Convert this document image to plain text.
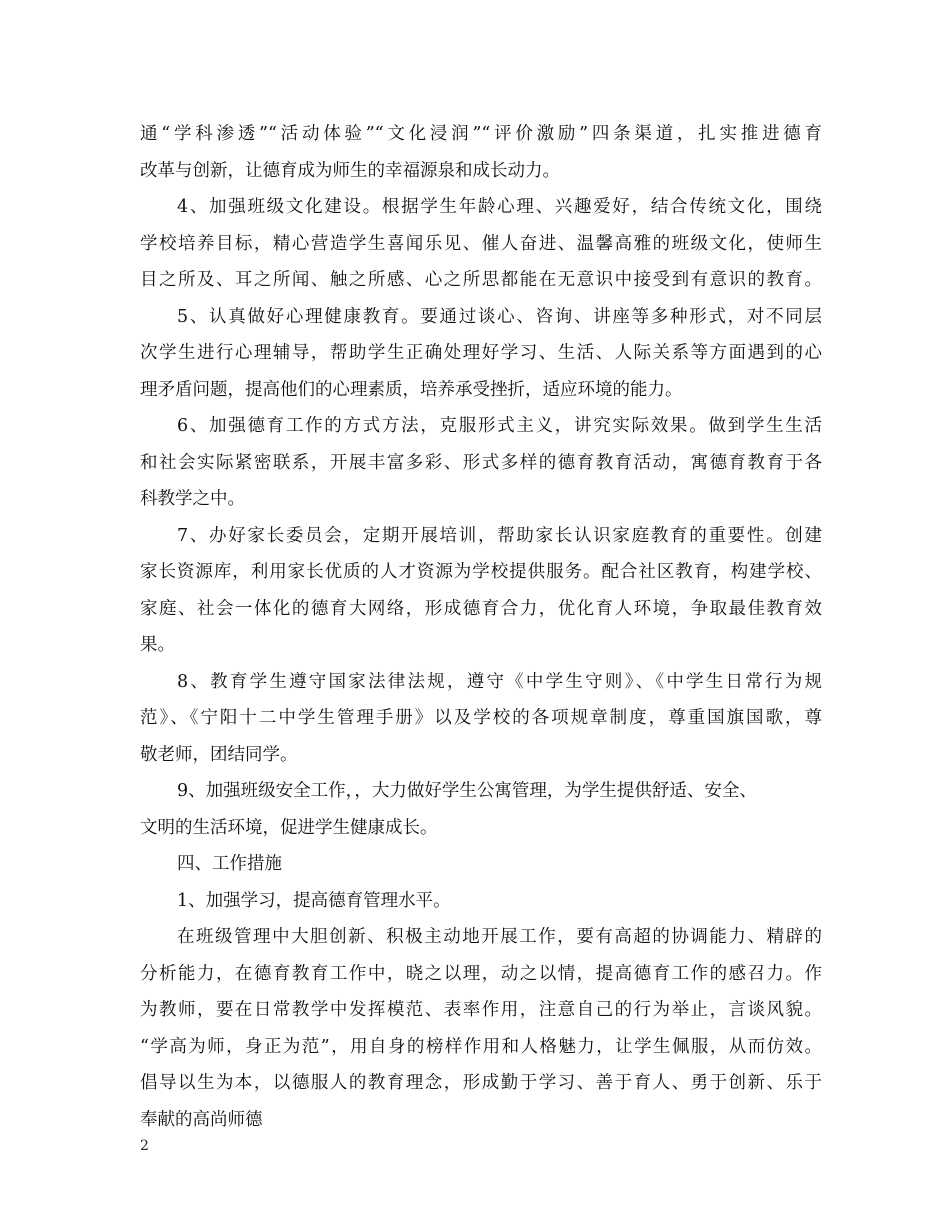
通“学科渗透”“活动体验”“文化浸润”“评价激励”四条渠道，扎实推进德育
改革与创新，让德育成为师生的幸福源泉和成长动力。
4、加强班级文化建设。根据学生年龄心理、兴趣爱好，结合传统文化，围绕
学校培养目标，精心营造学生喜闻乐见、催人奋进、温馨高雅的班级文化，使师生
目之所及、耳之所闻、触之所感、心之所思都能在无意识中接受到有意识的教育。
5、认真做好心理健康教育。要通过谈心、咨询、讲座等多种形式，对不同层
次学生进行心理辅导，帮助学生正确处理好学习、生活、人际关系等方面遇到的心
理矛盾问题，提高他们的心理素质，培养承受挫折，适应环境的能力。
6、加强德育工作的方式方法，克服形式主义，讲究实际效果。做到学生生活
和社会实际紧密联系，开展丰富多彩、形式多样的德育教育活动，寓德育教育于各
科教学之中。
7、办好家长委员会，定期开展培训，帮助家长认识家庭教育的重要性。创建
家长资源库，利用家长优质的人才资源为学校提供服务。配合社区教育，构建学校、
家庭、社会一体化的德育大网络，形成德育合力，优化育人环境，争取最佳教育效
果。
8、教育学生遵守国家法律法规，遵守《中学生守则》、《中学生日常行为规
范》、《宁阳十二中学生管理手册》以及学校的各项规章制度，尊重国旗国歌，尊
敬老师，团结同学。
9、加强班级安全工作，，大力做好学生公寓管理，为学生提供舒适、安全、
文明的生活环境，促进学生健康成长。
四、工作措施
1、加强学习，提高德育管理水平。
在班级管理中大胆创新、积极主动地开展工作，要有高超的协调能力、精辟的
分析能力，在德育教育工作中，晓之以理，动之以情，提高德育工作的感召力。作
为教师，要在日常教学中发挥模范、表率作用，注意自己的行为举止，言谈风貌。
“学高为师，身正为范”，用自身的榜样作用和人格魅力，让学生佩服，从而仿效。
倡导以生为本，以德服人的教育理念，形成勤于学习、善于育人、勇于创新、乐于
奉献的高尚师德
2
